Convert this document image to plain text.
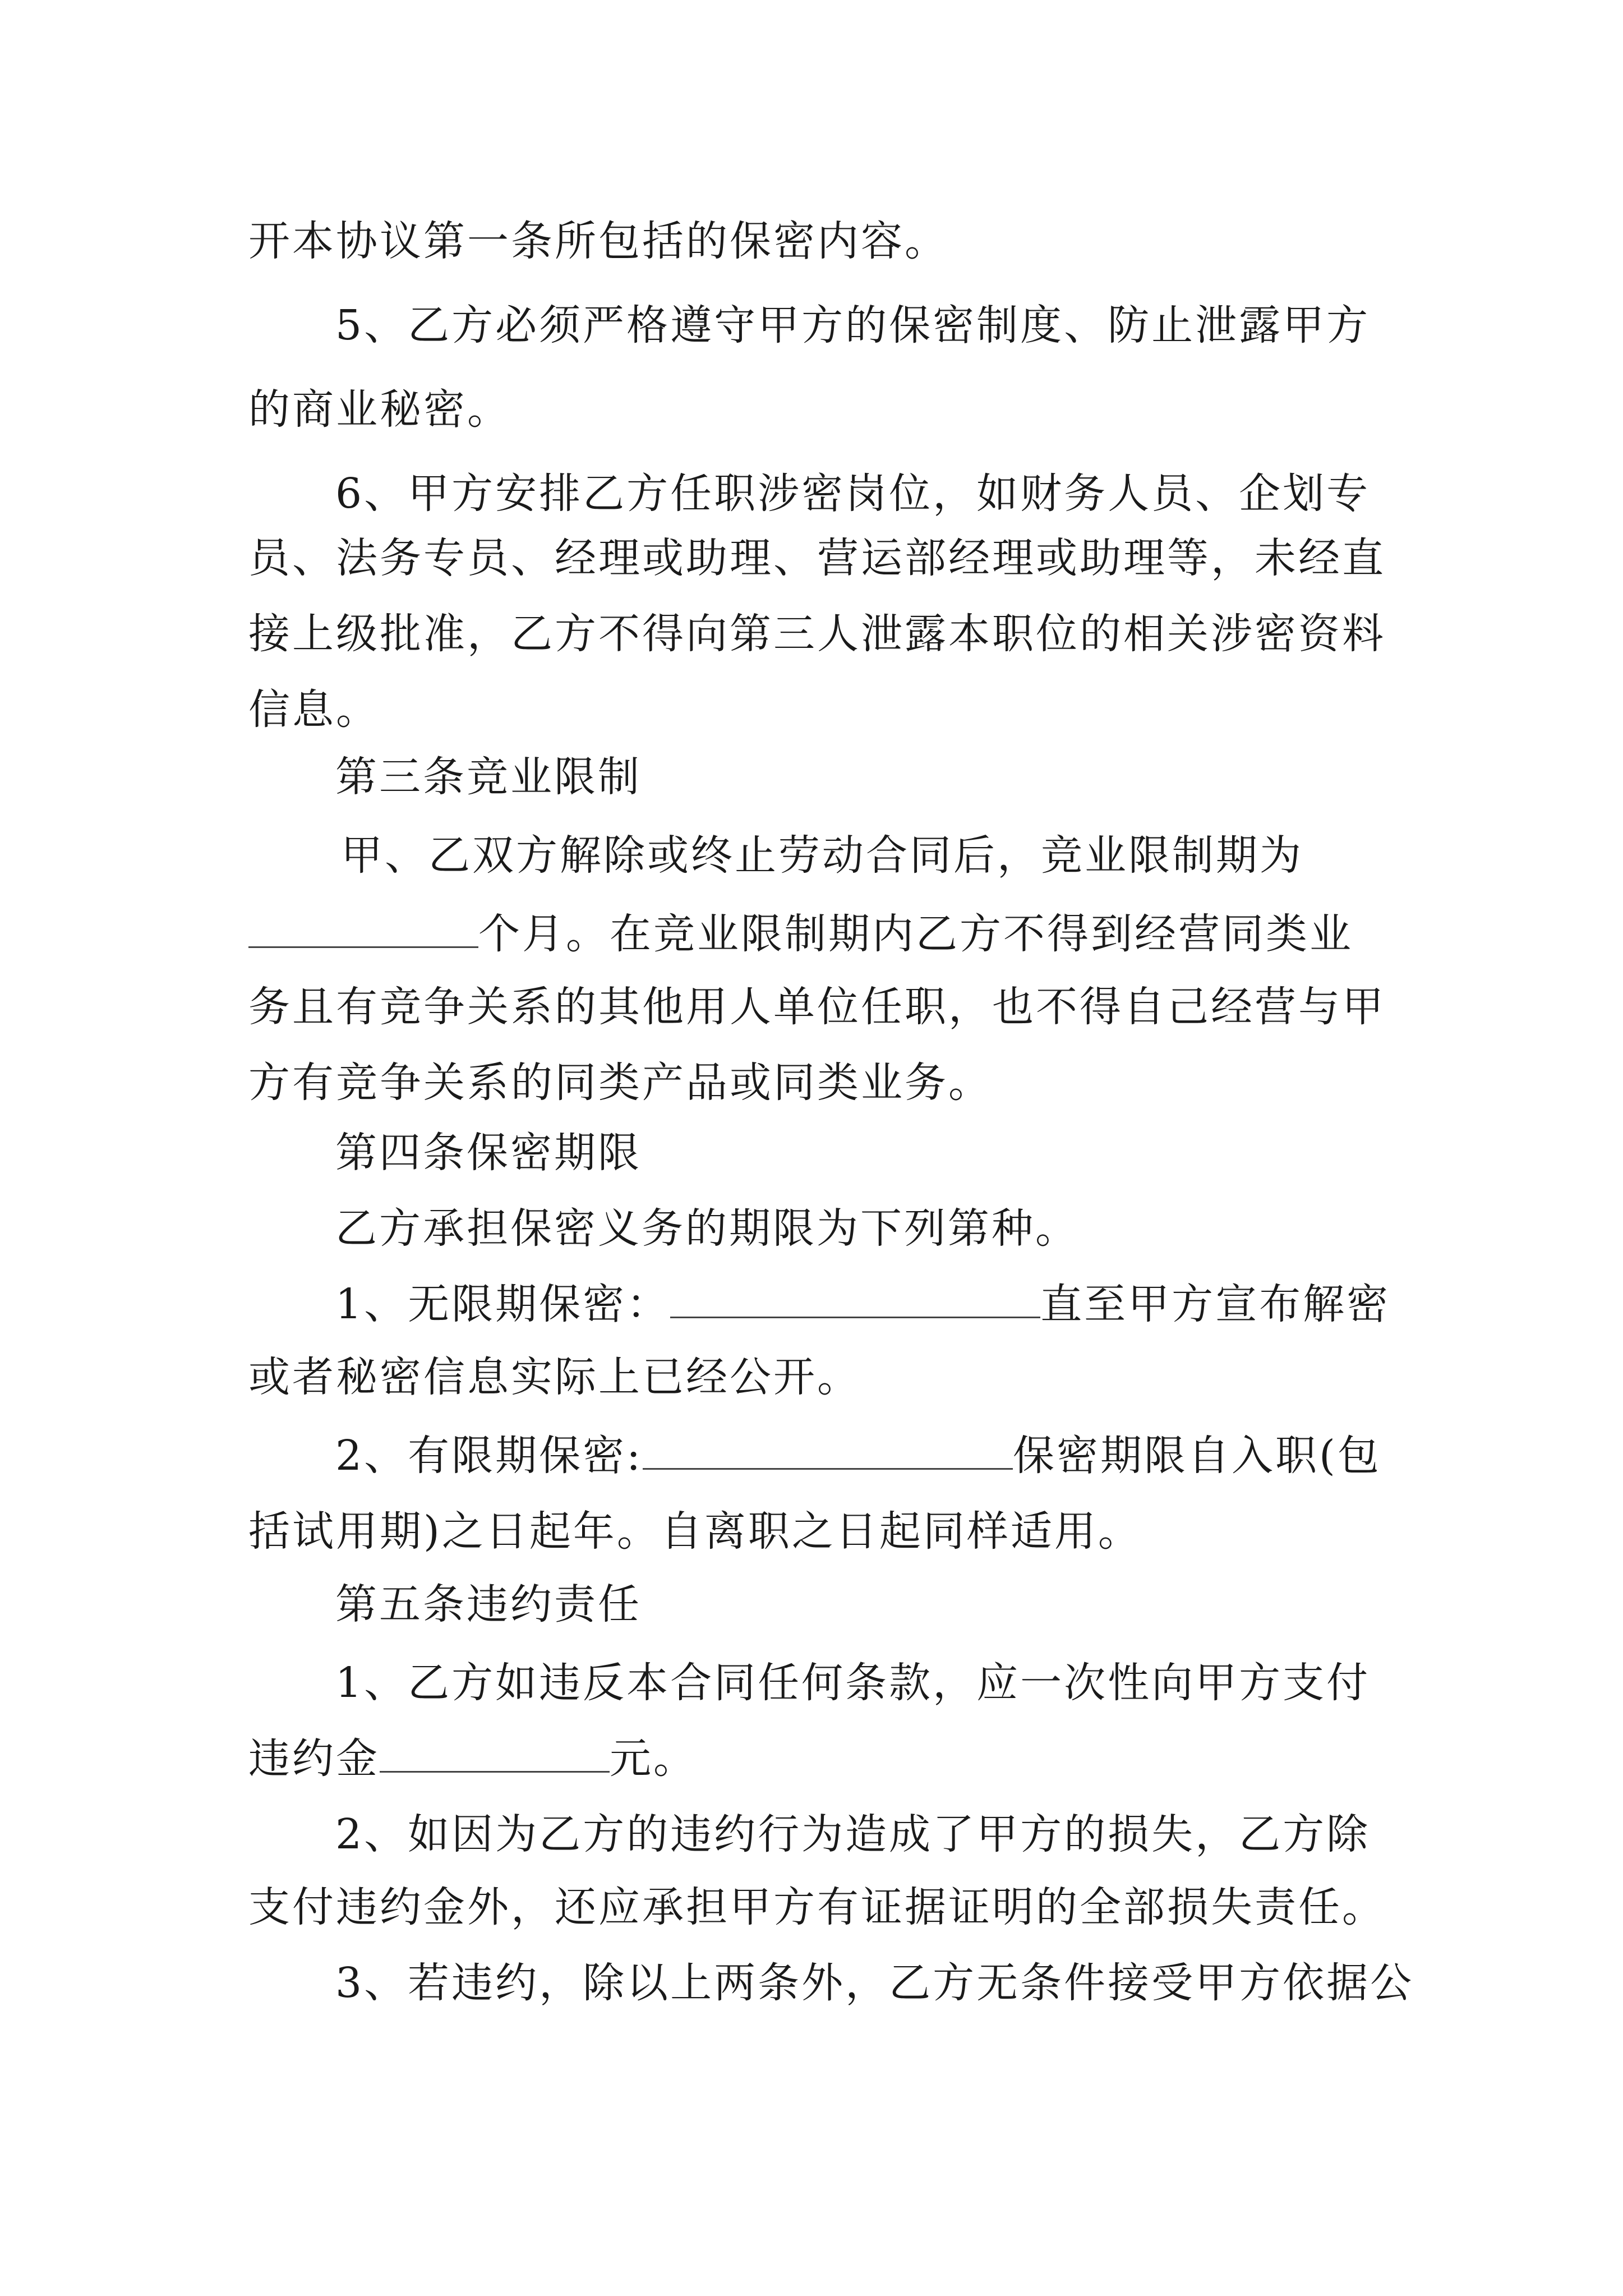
开本协议第一条所包括的保密内容。
5、乙方必须严格遵守甲方的保密制度、防止泄露甲方
的商业秘密。
6、甲方安排乙方任职涉密岗位，如财务人员、企划专
员、法务专员、经理或助理、营运部经理或助理等，未经直
接上级批准，乙方不得向第三人泄露本职位的相关涉密资料
信息。
第三条竞业限制
甲、乙双方解除或终止劳动合同后，竞业限制期为
个月。在竞业限制期内乙方不得到经营同类业
务且有竞争关系的其他用人单位任职，也不得自己经营与甲
方有竞争关系的同类产品或同类业务。
第四条保密期限
乙方承担保密义务的期限为下列第种。
1、无限期保密：	直至甲方宣布解密
或者秘密信息实际上已经公开。
2、有限期保密:	保密期限自入职(包
括试用期)之日起年。自离职之日起同样适用。
第五条违约责任
1、乙方如违反本合同任何条款，应一次性向甲方支付
违约金	元。
2、如因为乙方的违约行为造成了甲方的损失，乙方除
支付违约金外，还应承担甲方有证据证明的全部损失责任。
3、若违约，除以上两条外，乙方无条件接受甲方依据公
